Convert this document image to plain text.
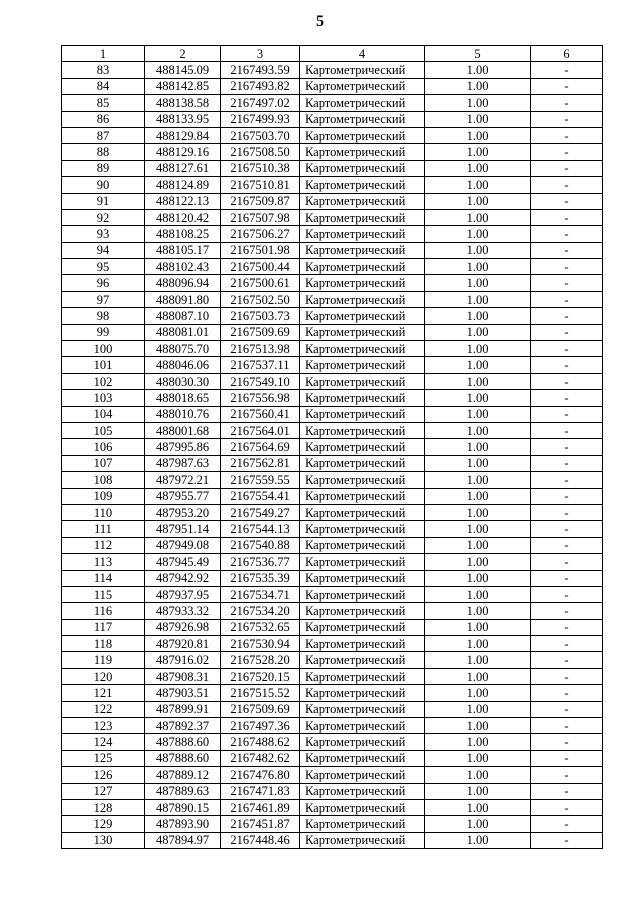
5
1	2	3	4	5	6
83	488145.09	2167493.59	Картометрический	1.00	-
84	488142.85	2167493.82	Картометрический	1.00	-
85	488138.58	2167497.02	Картометрический	1.00	-
86	488133.95	2167499.93	Картометрический	1.00	-
87	488129.84	2167503.70	Картометрический	1.00	-
88	488129.16	2167508.50	Картометрический	1.00	-
89	488127.61	2167510.38	Картометрический	1.00	-
90	488124.89	2167510.81	Картометрический	1.00	-
91	488122.13	2167509.87	Картометрический	1.00	-
92	488120.42	2167507.98	Картометрический	1.00	-
93	488108.25	2167506.27	Картометрический	1.00	-
94	488105.17	2167501.98	Картометрический	1.00	-
95	488102.43	2167500.44	Картометрический	1.00	-
96	488096.94	2167500.61	Картометрический	1.00	-
97	488091.80	2167502.50	Картометрический	1.00	-
98	488087.10	2167503.73	Картометрический	1.00	-
99	488081.01	2167509.69	Картометрический	1.00	-
100	488075.70	2167513.98	Картометрический	1.00	-
101	488046.06	2167537.11	Картометрический	1.00	-
102	488030.30	2167549.10	Картометрический	1.00	-
103	488018.65	2167556.98	Картометрический	1.00	-
104	488010.76	2167560.41	Картометрический	1.00	-
105	488001.68	2167564.01	Картометрический	1.00	-
106	487995.86	2167564.69	Картометрический	1.00	-
107	487987.63	2167562.81	Картометрический	1.00	-
108	487972.21	2167559.55	Картометрический	1.00	-
109	487955.77	2167554.41	Картометрический	1.00	-
110	487953.20	2167549.27	Картометрический	1.00	-
111	487951.14	2167544.13	Картометрический	1.00	-
112	487949.08	2167540.88	Картометрический	1.00	-
113	487945.49	2167536.77	Картометрический	1.00	-
114	487942.92	2167535.39	Картометрический	1.00	-
115	487937.95	2167534.71	Картометрический	1.00	-
116	487933.32	2167534.20	Картометрический	1.00	-
117	487926.98	2167532.65	Картометрический	1.00	-
118	487920.81	2167530.94	Картометрический	1.00	-
119	487916.02	2167528.20	Картометрический	1.00	-
120	487908.31	2167520.15	Картометрический	1.00	-
121	487903.51	2167515.52	Картометрический	1.00	-
122	487899.91	2167509.69	Картометрический	1.00	-
123	487892.37	2167497.36	Картометрический	1.00	-
124	487888.60	2167488.62	Картометрический	1.00	-
125	487888.60	2167482.62	Картометрический	1.00	-
126	487889.12	2167476.80	Картометрический	1.00	-
127	487889.63	2167471.83	Картометрический	1.00	-
128	487890.15	2167461.89	Картометрический	1.00	-
129	487893.90	2167451.87	Картометрический	1.00	-
130	487894.97	2167448.46	Картометрический	1.00	-
